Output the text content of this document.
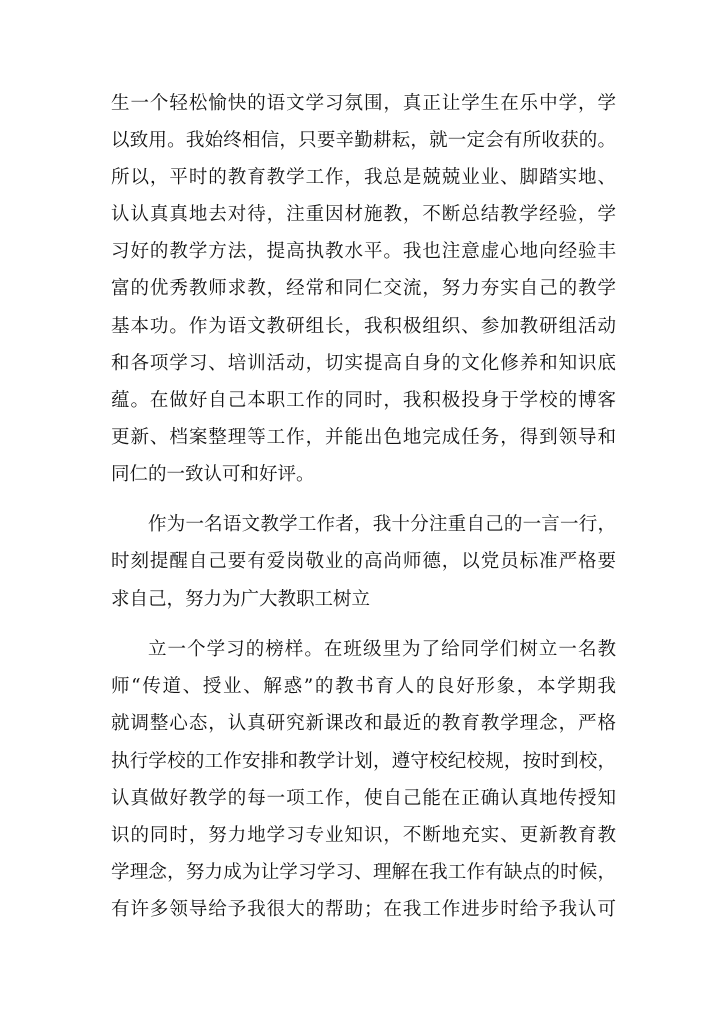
生一个轻松愉快的语文学习氛围，真正让学生在乐中学，学
以致用。我始终相信，只要辛勤耕耘，就一定会有所收获的。
所以，平时的教育教学工作，我总是兢兢业业、脚踏实地、
认认真真地去对待，注重因材施教，不断总结教学经验，学
习好的教学方法，提高执教水平。我也注意虚心地向经验丰
富的优秀教师求教，经常和同仁交流，努力夯实自己的教学
基本功。作为语文教研组长，我积极组织、参加教研组活动
和各项学习、培训活动，切实提高自身的文化修养和知识底
蕴。在做好自己本职工作的同时，我积极投身于学校的博客
更新、档案整理等工作，并能出色地完成任务，得到领导和
同仁的一致认可和好评。
作为一名语文教学工作者，我十分注重自己的一言一行，
时刻提醒自己要有爱岗敬业的高尚师德，以党员标准严格要
求自己，努力为广大教职工树立
立一个学习的榜样。在班级里为了给同学们树立一名教
师“传道、授业、解惑”的教书育人的良好形象，本学期我
就调整心态，认真研究新课改和最近的教育教学理念，严格
执行学校的工作安排和教学计划，遵守校纪校规，按时到校，
认真做好教学的每一项工作，使自己能在正确认真地传授知
识的同时，努力地学习专业知识，不断地充实、更新教育教
学理念，努力成为让学习学习、理解在我工作有缺点的时候，
有许多领导给予我很大的帮助；在我工作进步时给予我认可
